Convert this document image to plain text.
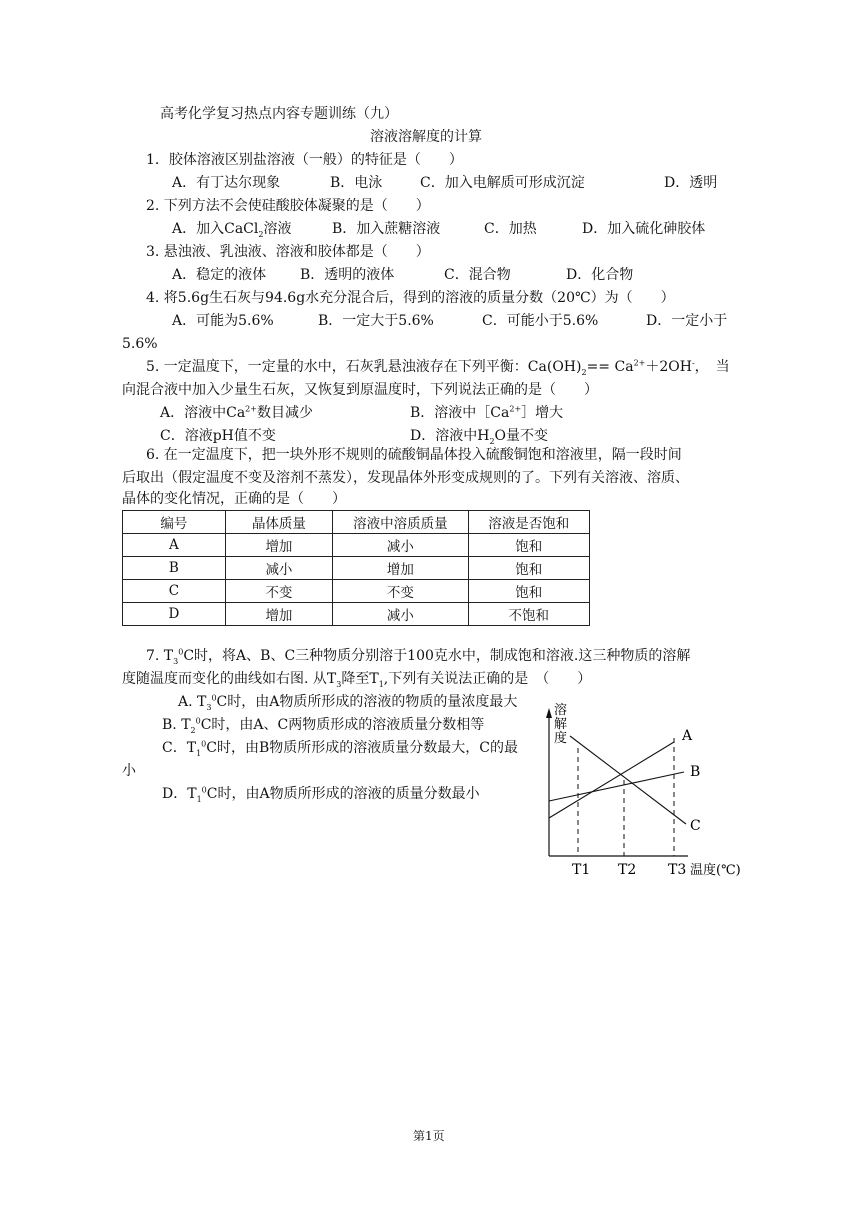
高考化学复习热点内容专题训练（九）
溶液溶解度的计算
1．胶体溶液区别盐溶液（一般）的特征是（　　）
A．有丁达尔现象	B．电泳	C．加入电解质可形成沉淀	D．透明
2. 下列方法不会使硅酸胶体凝聚的是（　　）
A．加入CaCl$_2$溶液	B．加入蔗糖溶液	C．加热	D．加入硫化砷胶体
3. 悬浊液、乳浊液、溶液和胶体都是（　　）
A．稳定的液体 B．透明的液体	C．混合物	D．化合物
4. 将5.6g生石灰与94.6g水充分混合后，得到的溶液的质量分数（20℃）为（　　）
A．可能为5.6%	B．一定大于5.6%	C．可能小于5.6%	D．一定小于
5.6%
5. 一定温度下，一定量的水中，石灰乳悬浊液存在下列平衡：$Ca(OH)_2== Ca^{2+}+2OH^-$，　当
向混合液中加入少量生石灰，又恢复到原温度时，下列说法正确的是（　　）
A．溶液中$Ca^{2+}$数目减少	B．溶液中$[Ca^{2+}]$增大
C．溶液pH值不变	D．溶液中$H_2O$量不变
6. 在一定温度下，把一块外形不规则的硫酸铜晶体投入硫酸铜饱和溶液里，隔一段时间
后取出（假定温度不变及溶剂不蒸发），发现晶体外形变成规则的了。下列有关溶液、溶质、
晶体的变化情况，正确的是（　　）
编号	晶体质量	溶液中溶质质量	溶液是否饱和
A	增加	减小	饱和
B	减小	增加	饱和
C	不变	不变	饱和
D	增加	减小	不饱和
7. $T_3^0C$时，将A、B、C三种物质分别溶于100克水中，制成饱和溶液.这三种物质的溶解
度随温度而变化的曲线如右图. 从$T_3$降至$T_1$,下列有关说法正确的是　（　　）
A. $T_3^0C$时，由A物质所形成的溶液的物质的量浓度最大
B. $T_2^0C$时，由A、C两物质形成的溶液质量分数相等
C．$T_1^0C$时，由B物质所形成的溶液质量分数最大，C的最
小
D．$T_1^0C$时，由A物质所形成的溶液的质量分数最小
溶
解
度	A
B
C
T1 T2 T3 温度(℃)
第1页
